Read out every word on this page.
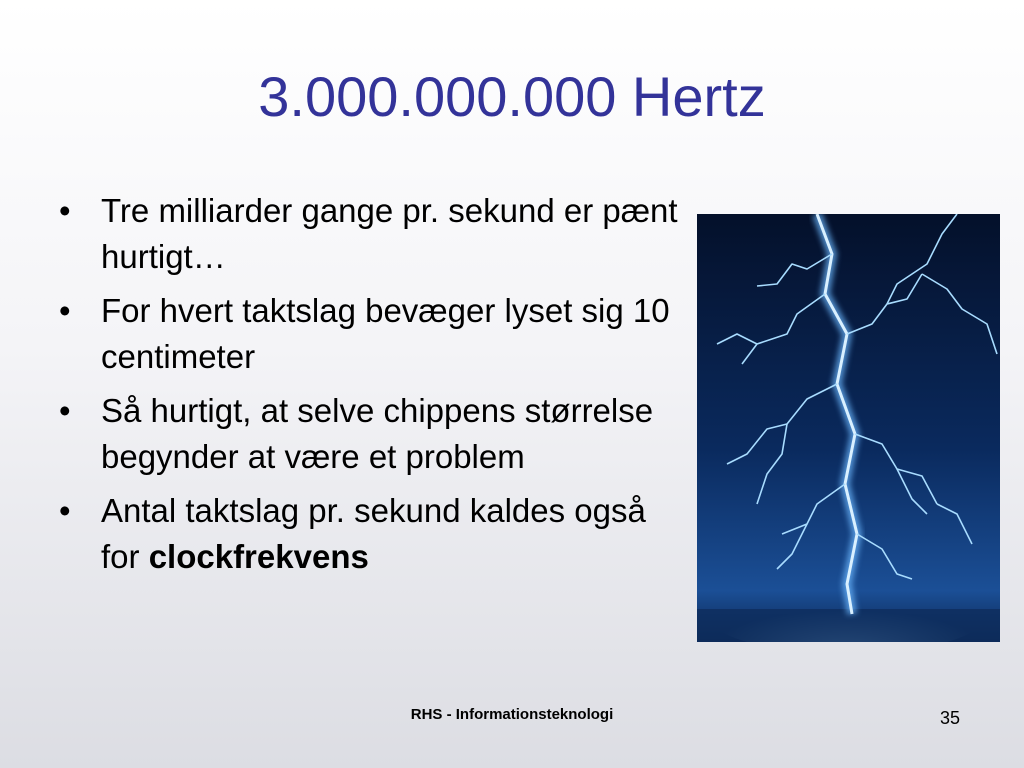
3.000.000.000 Hertz
• Tre milliarder gange pr. sekund er pænt hurtigt…
• For hvert taktslag bevæger lyset sig 10 centimeter
• Så hurtigt, at selve chippens størrelse begynder at være et problem
• Antal taktslag pr. sekund kaldes også for clockfrekvens
RHS - Informationsteknologi	35
